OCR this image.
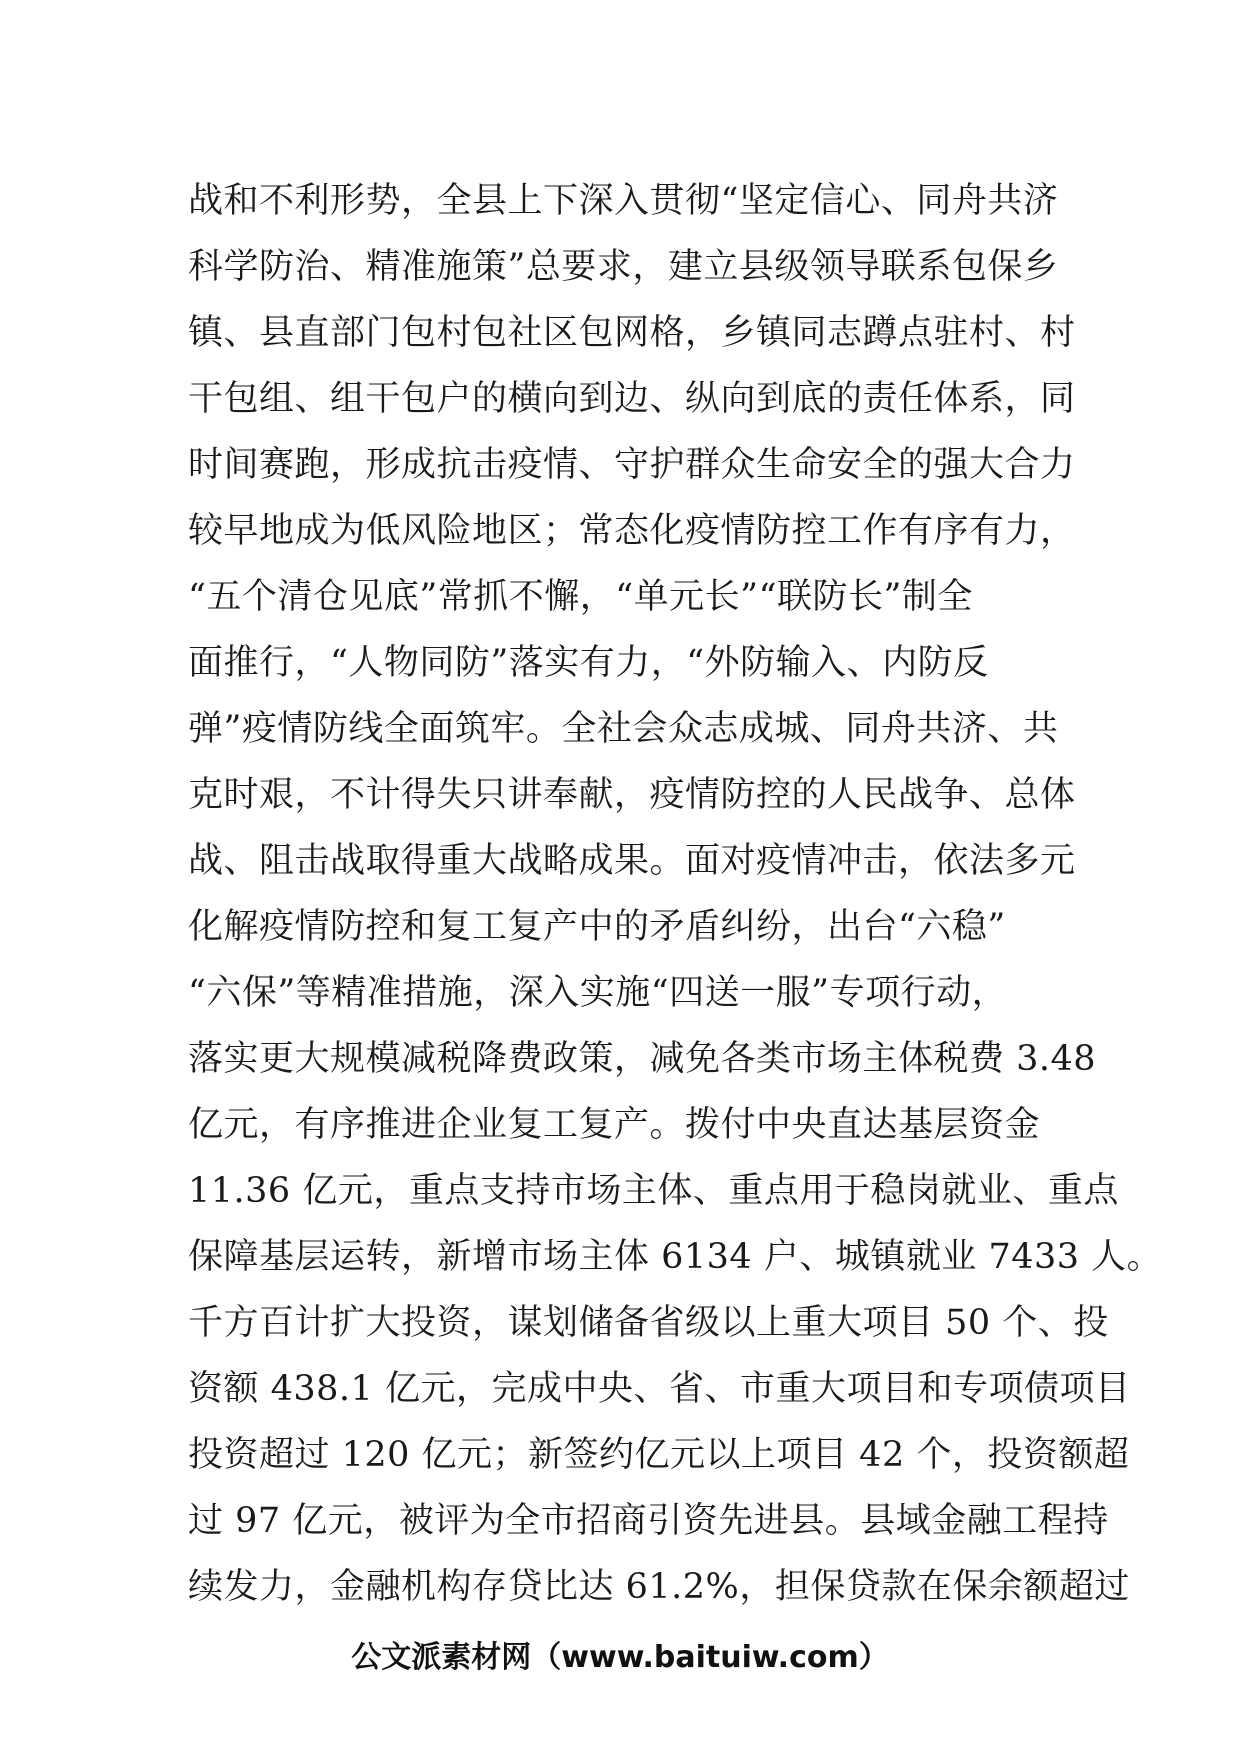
战和不利形势，全县上下深入贯彻“坚定信心、同舟共济
科学防治、精准施策”总要求，建立县级领导联系包保乡
镇、县直部门包村包社区包网格，乡镇同志蹲点驻村、村
干包组、组干包户的横向到边、纵向到底的责任体系，同
时间赛跑，形成抗击疫情、守护群众生命安全的强大合力
较早地成为低风险地区；常态化疫情防控工作有序有力，
“五个清仓见底”常抓不懈，“单元长”“联防长”制全
面推行，“人物同防”落实有力，“外防输入、内防反
弹”疫情防线全面筑牢。全社会众志成城、同舟共济、共
克时艰，不计得失只讲奉献，疫情防控的人民战争、总体
战、阻击战取得重大战略成果。面对疫情冲击，依法多元
化解疫情防控和复工复产中的矛盾纠纷，出台“六稳”
“六保”等精准措施，深入实施“四送一服”专项行动，
落实更大规模减税降费政策，减免各类市场主体税费 3.48
亿元，有序推进企业复工复产。拨付中央直达基层资金
11.36 亿元，重点支持市场主体、重点用于稳岗就业、重点
保障基层运转，新增市场主体 6134 户、城镇就业 7433 人。
千方百计扩大投资，谋划储备省级以上重大项目 50 个、投
资额 438.1 亿元，完成中央、省、市重大项目和专项债项目
投资超过 120 亿元；新签约亿元以上项目 42 个，投资额超
过 97 亿元，被评为全市招商引资先进县。县域金融工程持
续发力，金融机构存贷比达 61.2%，担保贷款在保余额超过
公文派素材网（www.baituiw.com）
